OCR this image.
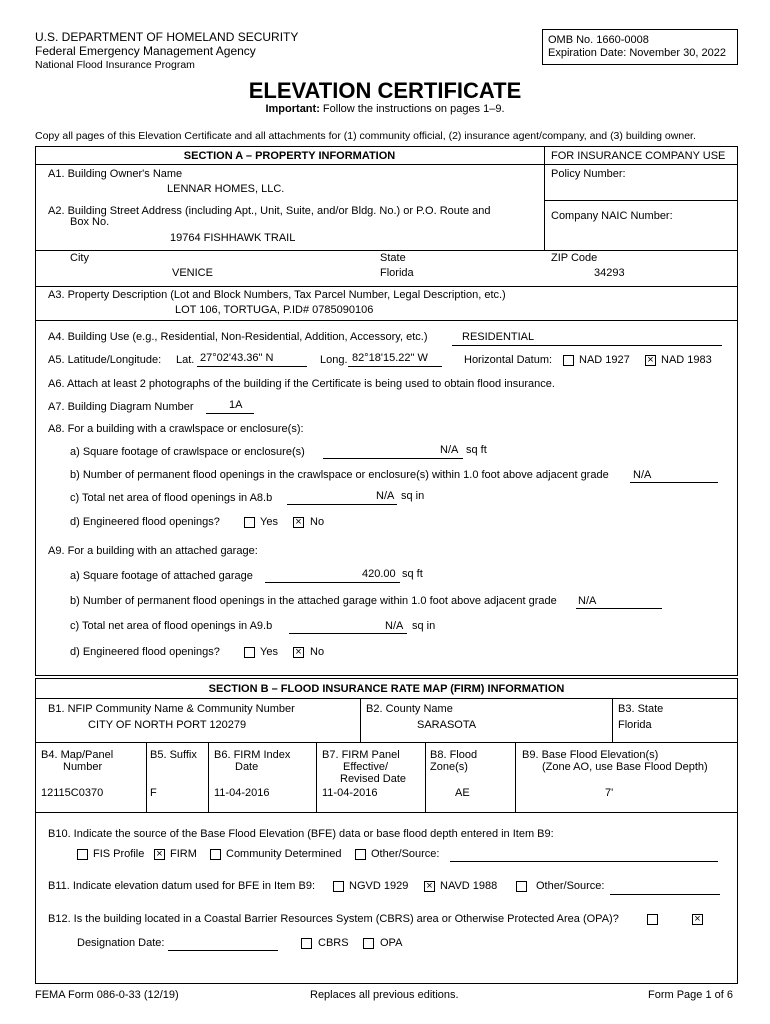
U.S. DEPARTMENT OF HOMELAND SECURITY
Federal Emergency Management Agency
National Flood Insurance Program
OMB No. 1660-0008
Expiration Date: November 30, 2022
ELEVATION CERTIFICATE
Important: Follow the instructions on pages 1–9.
Copy all pages of this Elevation Certificate and all attachments for (1) community official, (2) insurance agent/company, and (3) building owner.
SECTION A – PROPERTY INFORMATION	FOR INSURANCE COMPANY USE
Policy Number:
Company NAIC Number:
A1. Building Owner's Name
LENNAR HOMES, LLC.
A2. Building Street Address (including Apt., Unit, Suite, and/or Bldg. No.) or P.O. Route and
Box No.
19764 FISHHAWK TRAIL
City
VENICE
State
Florida
ZIP Code
34293
A3. Property Description (Lot and Block Numbers, Tax Parcel Number, Legal Description, etc.)
LOT 106, TORTUGA, P.ID# 0785090106
A4. Building Use (e.g., Residential, Non-Residential, Addition, Accessory, etc.)	RESIDENTIAL
A5. Latitude/Longitude: Lat. 27°02'43.36" N	Long. 82°18'15.22" W	Horizontal Datum: NAD 1927 × NAD 1983
A6. Attach at least 2 photographs of the building if the Certificate is being used to obtain flood insurance.
A7. Building Diagram Number	1A
A8. For a building with a crawlspace or enclosure(s):
a) Square footage of crawlspace or enclosure(s)	N/A sq ft
b) Number of permanent flood openings in the crawlspace or enclosure(s) within 1.0 foot above adjacent grade N/A
c) Total net area of flood openings in A8.b	N/A sq in
d) Engineered flood openings?	Yes × No
A9. For a building with an attached garage:
a) Square footage of attached garage	420.00 sq ft
b) Number of permanent flood openings in the attached garage within 1.0 foot above adjacent grade N/A
c) Total net area of flood openings in A9.b	N/A sq in
d) Engineered flood openings?	Yes × No
SECTION B – FLOOD INSURANCE RATE MAP (FIRM) INFORMATION
B1. NFIP Community Name & Community Number
CITY OF NORTH PORT 120279
B2. County Name
SARASOTA
B3. State
Florida
B4. Map/Panel
Number
12115C0370
B5. Suffix
F
B6. FIRM Index
Date
11-04-2016
B7. FIRM Panel
Effective/
Revised Date
11-04-2016
B8. Flood
Zone(s)
AE
B9. Base Flood Elevation(s)
(Zone AO, use Base Flood Depth)
7'
B10. Indicate the source of the Base Flood Elevation (BFE) data or base flood depth entered in Item B9:
FIS Profile × FIRM	Community Determined	Other/Source:
B11. Indicate elevation datum used for BFE in Item B9:	NGVD 1929 × NAVD 1988	Other/Source:
B12. Is the building located in a Coastal Barrier Resources System (CBRS) area or Otherwise Protected Area (OPA)?	×
Designation Date:	CBRS	OPA
FEMA Form 086-0-33 (12/19)	Replaces all previous editions.	Form Page 1 of 6
